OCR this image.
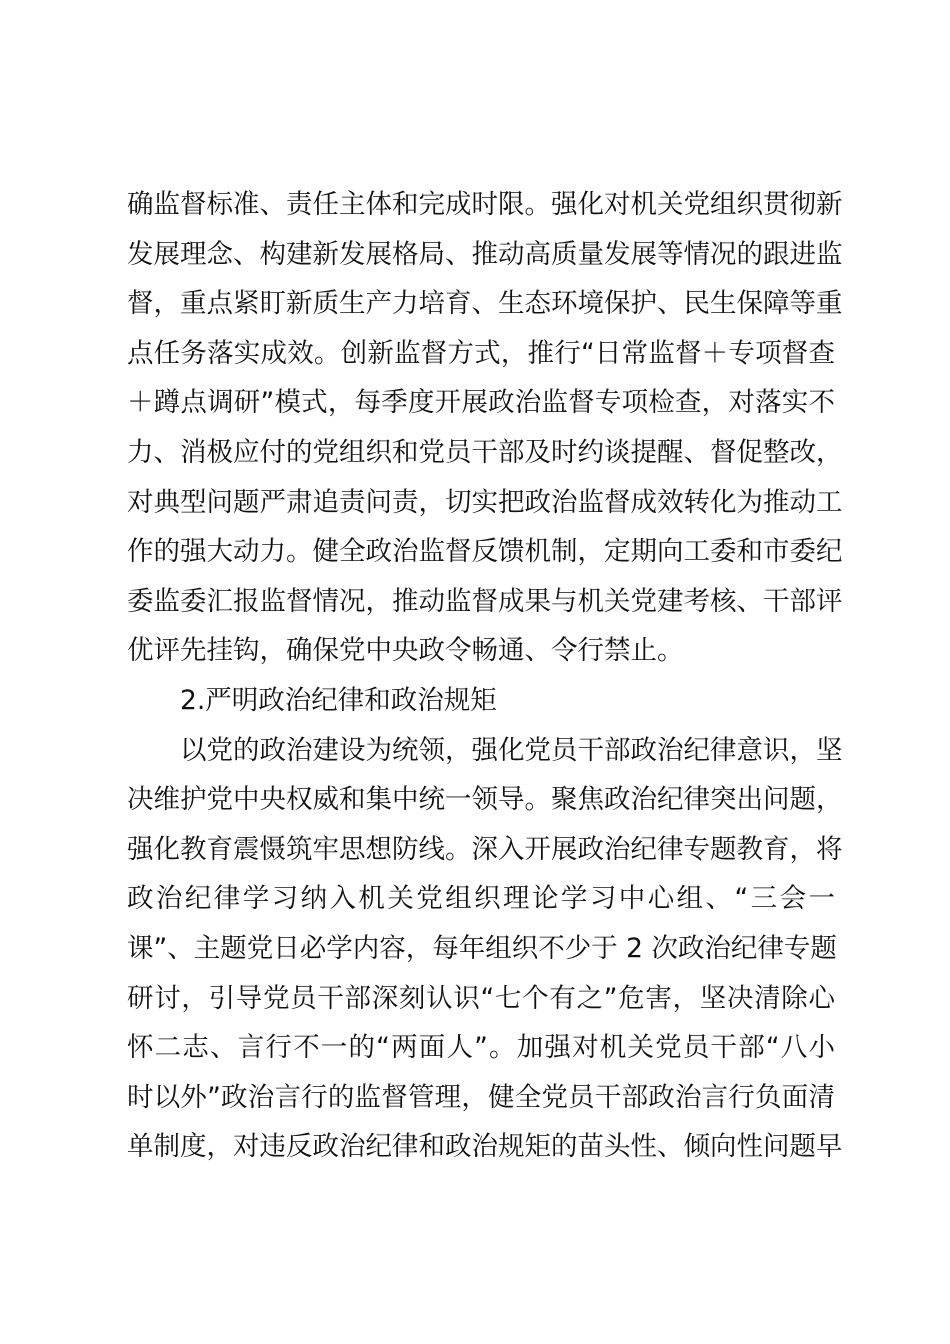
确监督标准、责任主体和完成时限。强化对机关党组织贯彻新
发展理念、构建新发展格局、推动高质量发展等情况的跟进监
督，重点紧盯新质生产力培育、生态环境保护、民生保障等重
点任务落实成效。创新监督方式，推行“日常监督＋专项督查
＋蹲点调研”模式，每季度开展政治监督专项检查，对落实不
力、消极应付的党组织和党员干部及时约谈提醒、督促整改，
对典型问题严肃追责问责，切实把政治监督成效转化为推动工
作的强大动力。健全政治监督反馈机制，定期向工委和市委纪
委监委汇报监督情况，推动监督成果与机关党建考核、干部评
优评先挂钩，确保党中央政令畅通、令行禁止。
2.严明政治纪律和政治规矩
以党的政治建设为统领，强化党员干部政治纪律意识，坚
决维护党中央权威和集中统一领导。聚焦政治纪律突出问题，
强化教育震慑筑牢思想防线。深入开展政治纪律专题教育，将
政治纪律学习纳入机关党组织理论学习中心组、“三会一
课”、主题党日必学内容，每年组织不少于 2 次政治纪律专题
研讨，引导党员干部深刻认识“七个有之”危害，坚决清除心
怀二志、言行不一的“两面人”。加强对机关党员干部“八小
时以外”政治言行的监督管理，健全党员干部政治言行负面清
单制度，对违反政治纪律和政治规矩的苗头性、倾向性问题早
